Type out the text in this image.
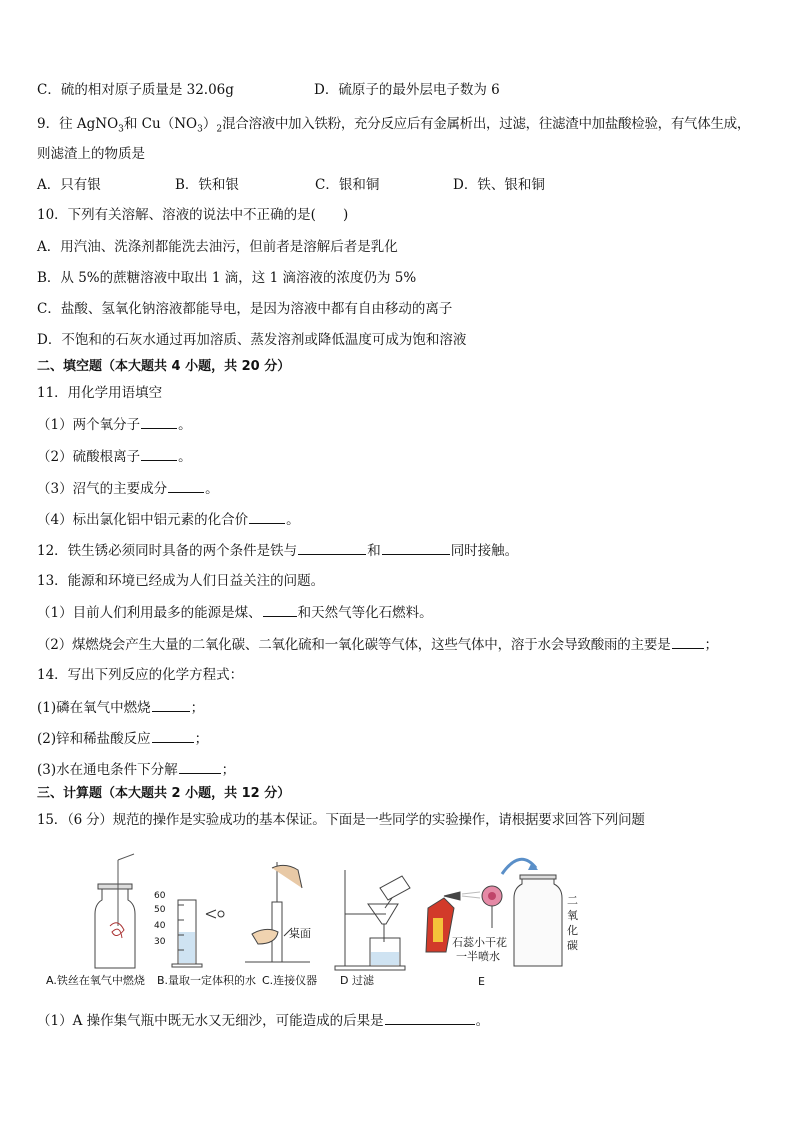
C．硫的相对原子质量是 32.06g	D．硫原子的最外层电子数为 6
9．往 AgNO$_3$和 $Cu(NO_3)_2$混合溶液中加入铁粉，充分反应后有金属析出，过滤，往滤渣中加盐酸检验，有气体生成，
则滤渣上的物质是
A．只有银	B．铁和银	C．银和铜	D．铁、银和铜
10．下列有关溶解、溶液的说法中不正确的是(　　)
A．用汽油、洗涤剂都能洗去油污，但前者是溶解后者是乳化
B．从 5%的蔗糖溶液中取出 1 滴，这 1 滴溶液的浓度仍为 5%
C．盐酸、氢氧化钠溶液都能导电，是因为溶液中都有自由移动的离子
D．不饱和的石灰水通过再加溶质、蒸发溶剂或降低温度可成为饱和溶液
二、填空题（本大题共 4 小题，共 20 分）
11．用化学用语填空
（1）两个氧分子	。
（2）硫酸根离子	。
（3）沼气的主要成分	。
（4）标出氯化铝中铝元素的化合价	。
12．铁生锈必须同时具备的两个条件是铁与	和	同时接触。
13．能源和环境已经成为人们日益关注的问题。
（1）目前人们利用最多的能源是煤、	和天然气等化石燃料。
（2）煤燃烧会产生大量的二氧化碳、二氧化硫和一氧化碳等气体，这些气体中，溶于水会导致酸雨的主要是	；
14．写出下列反应的化学方程式：
(1)磷在氧气中燃烧	；
(2)锌和稀盐酸反应	；
(3)水在通电条件下分解	；
三、计算题（本大题共 2 小题，共 12 分）
15．（6 分）规范的操作是实验成功的基本保证。下面是一些同学的实验操作，请根据要求回答下列问题
60
50
40
30
桌面
石蕊小干花
一半喷水
二
氧
化
碳
A.铁丝在氧气中燃烧 B.量取一定体积的水 C.连接仪器 D 过滤	E
（1）A 操作集气瓶中既无水又无细沙，可能造成的后果是	。
